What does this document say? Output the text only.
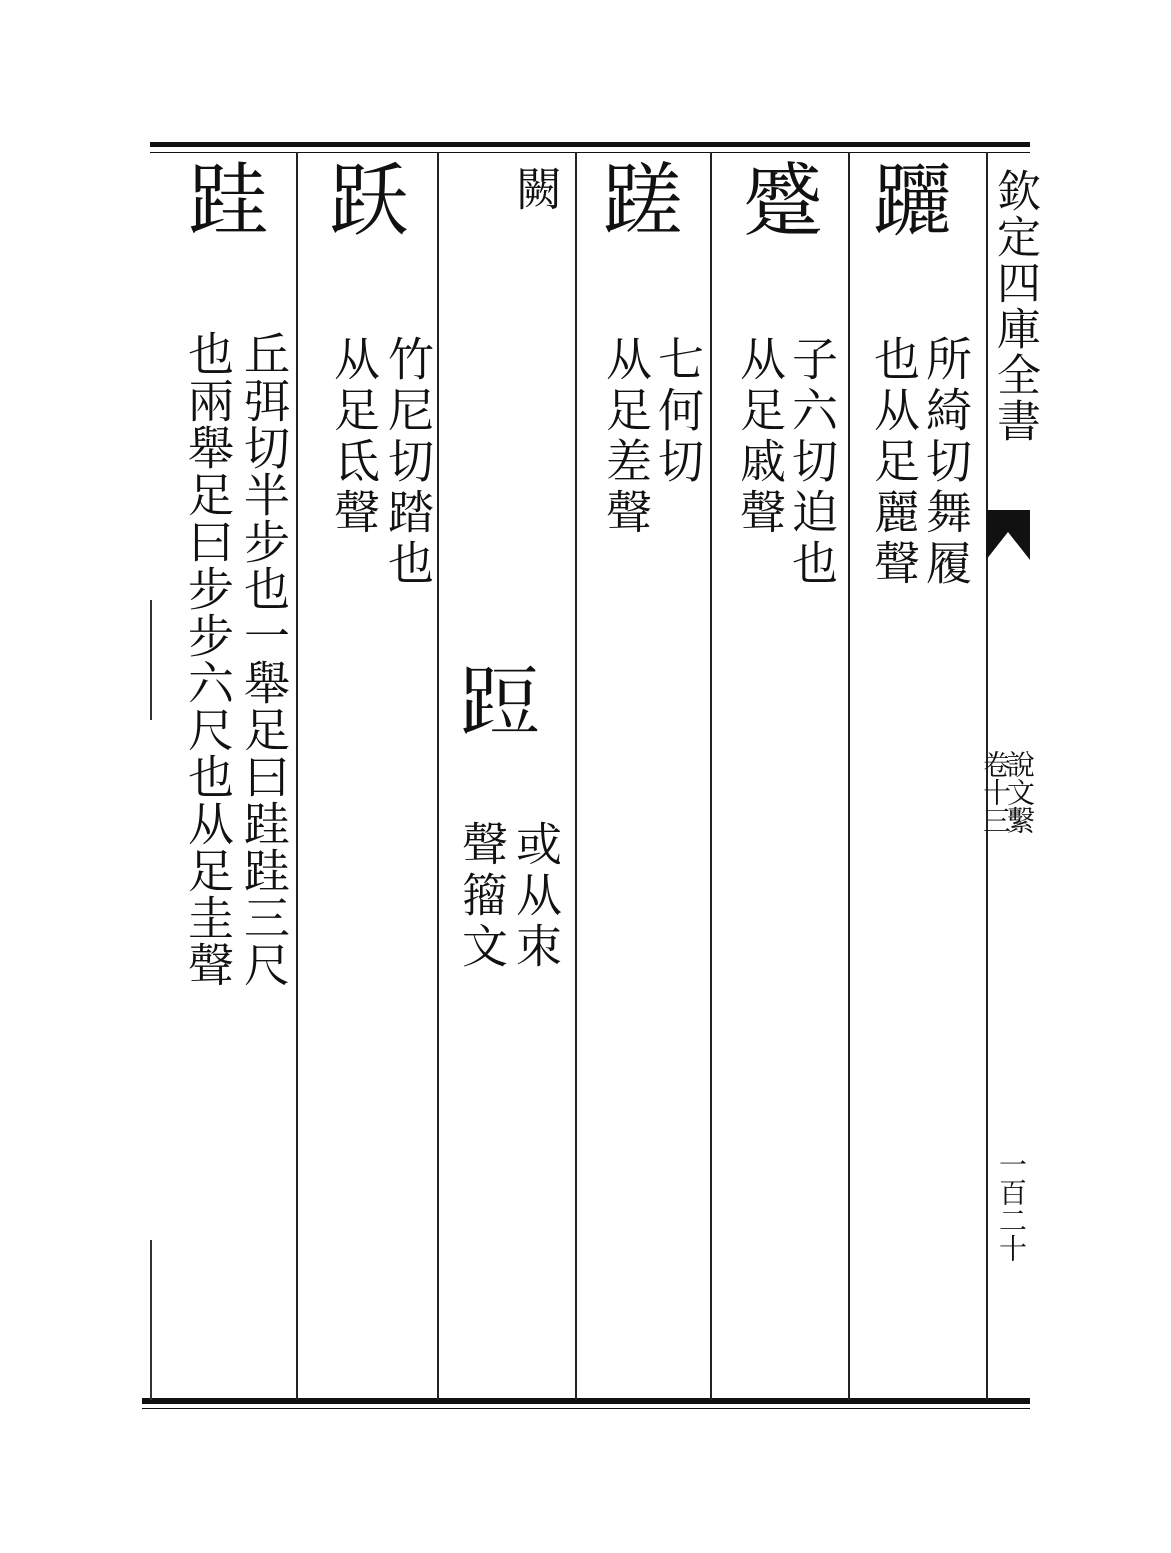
欽定四庫全書
說文繫
卷十三
一百二十
躧
所綺切舞履
也从足麗聲
蹙
子六切迫也
从足戚聲
蹉
七何切
从足差聲
闕
𨁋
或从朿
聲籀文
跃
竹尼切踏也
从足氐聲
跬
丘弭切半步也一舉足曰跬跬三尺
也兩舉足曰步步六尺也从足圭聲
